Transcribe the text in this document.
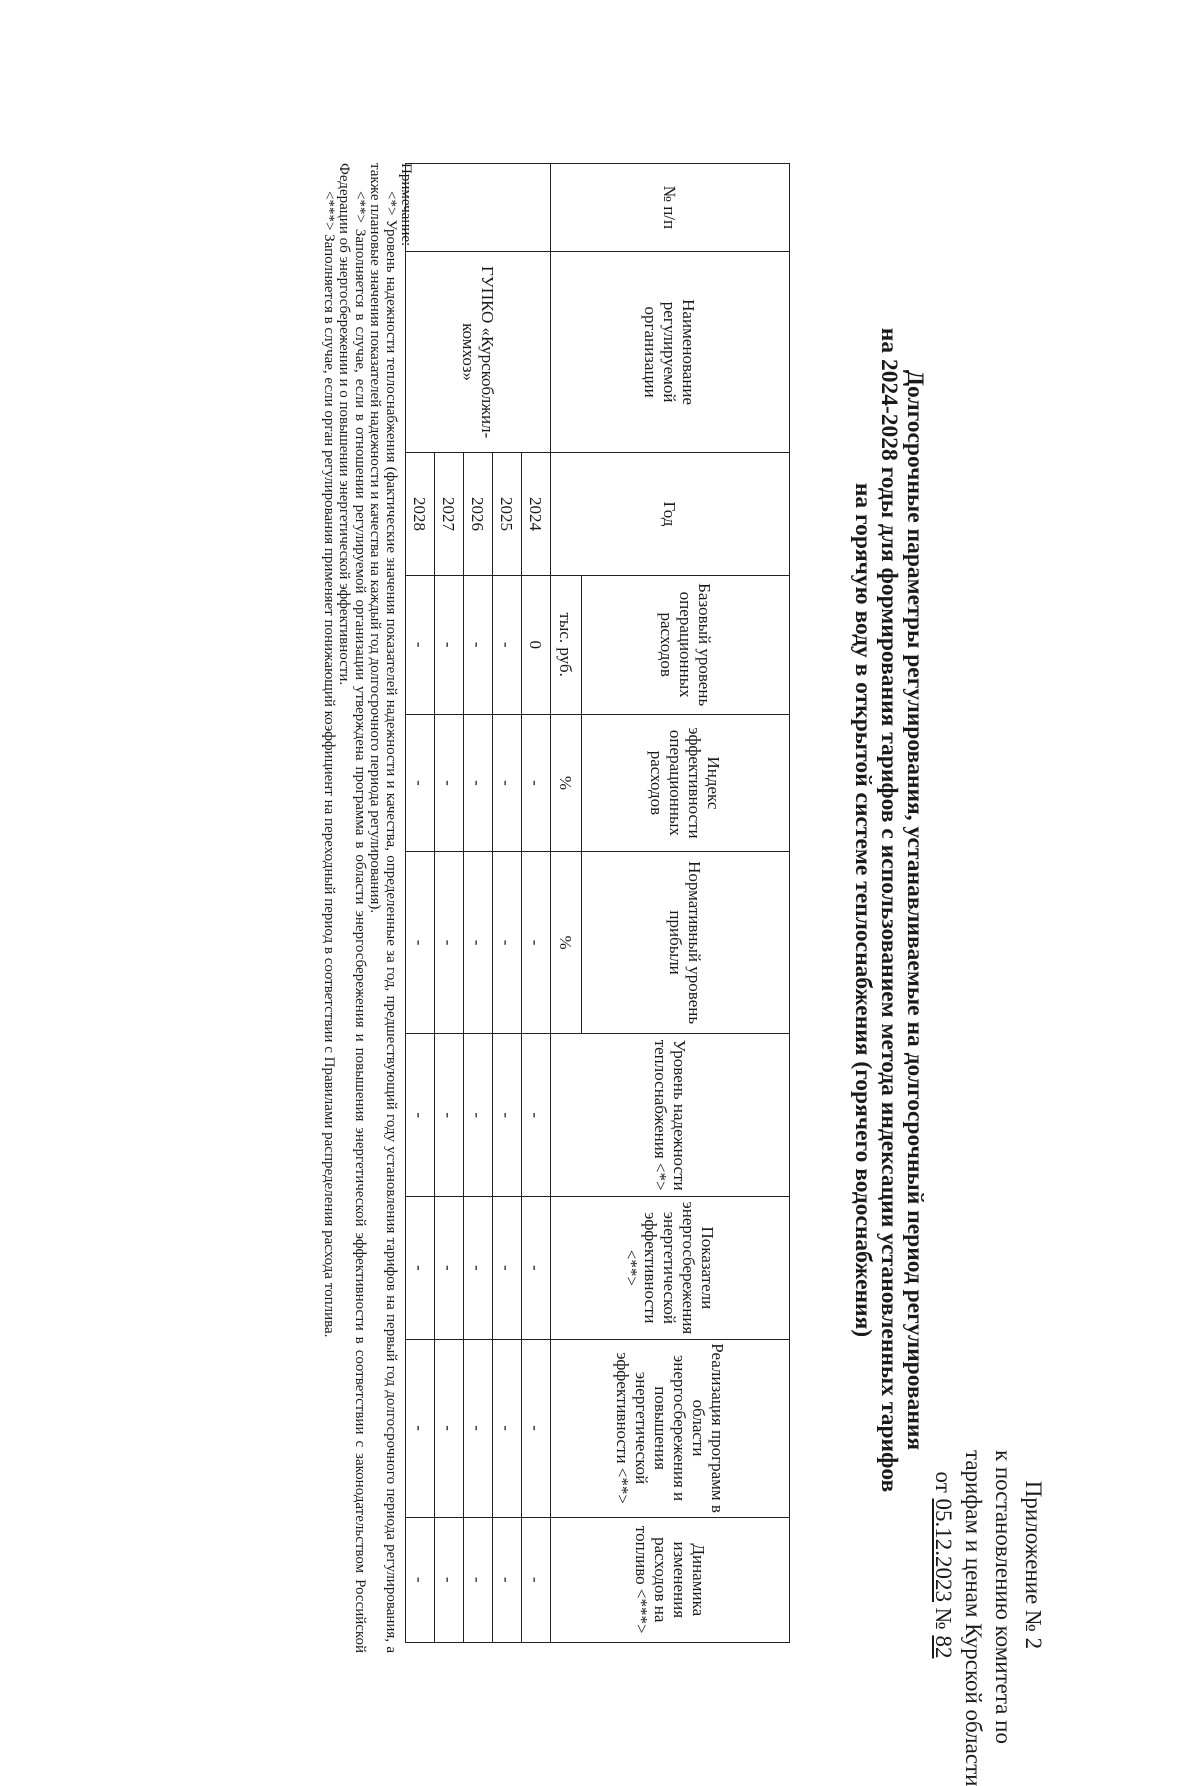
Приложение № 2
к постановлению комитета по
тарифам и ценам Курской области
от 05.12.2023 № 82
Долгосрочные параметры регулирования, устанавливаемые на долгосрочный период регулирования
на 2024-2028 годы для формирования тарифов с использованием метода индексации установленных тарифов
на горячую воду в открытой системе теплоснабжения (горячего водоснабжения)
№ п/п	Наименование регулируемой организации	Год	Базовый уровень операционных расходов	Индекс эффективности операционных расходов	Нормативный уровень прибыли	Уровень надежности теплоснабжения <*>	Показатели энергосбережения энергетической эффективности <**>	Реализация программ в области энергосбережения и повышения энергетической эффективности <**>	Динамика изменения расходов на топливо <***>
			тыс. руб.	%	%				
	ГУПКО «Курскоблжил-комхоз»	2024	0	-	-	-	-	-	-
		2025	-	-	-	-	-	-	-
		2026	-	-	-	-	-	-	-
		2027	-	-	-	-	-	-	-
		2028	-	-	-	-	-	-	-
Примечание:
<*> Уровень надежности теплоснабжения (фактические значения показателей надежности и качества, определенные за год, предшествующий году установления тарифов на первый год долгосрочного периода регулирования, а также плановые значения показателей надежности и качества на каждый год долгосрочного периода регулирования).
<**> Заполняется в случае, если в отношении регулируемой организации утверждена программа в области энергосбережения и повышения энергетической эффективности в соответствии с законодательством Российской Федерации об энергосбережении и о повышении энергетической эффективности.
<***> Заполняется в случае, если орган регулирования применяет понижающий коэффициент на переходный период в соответствии с Правилами распределения расхода топлива.
